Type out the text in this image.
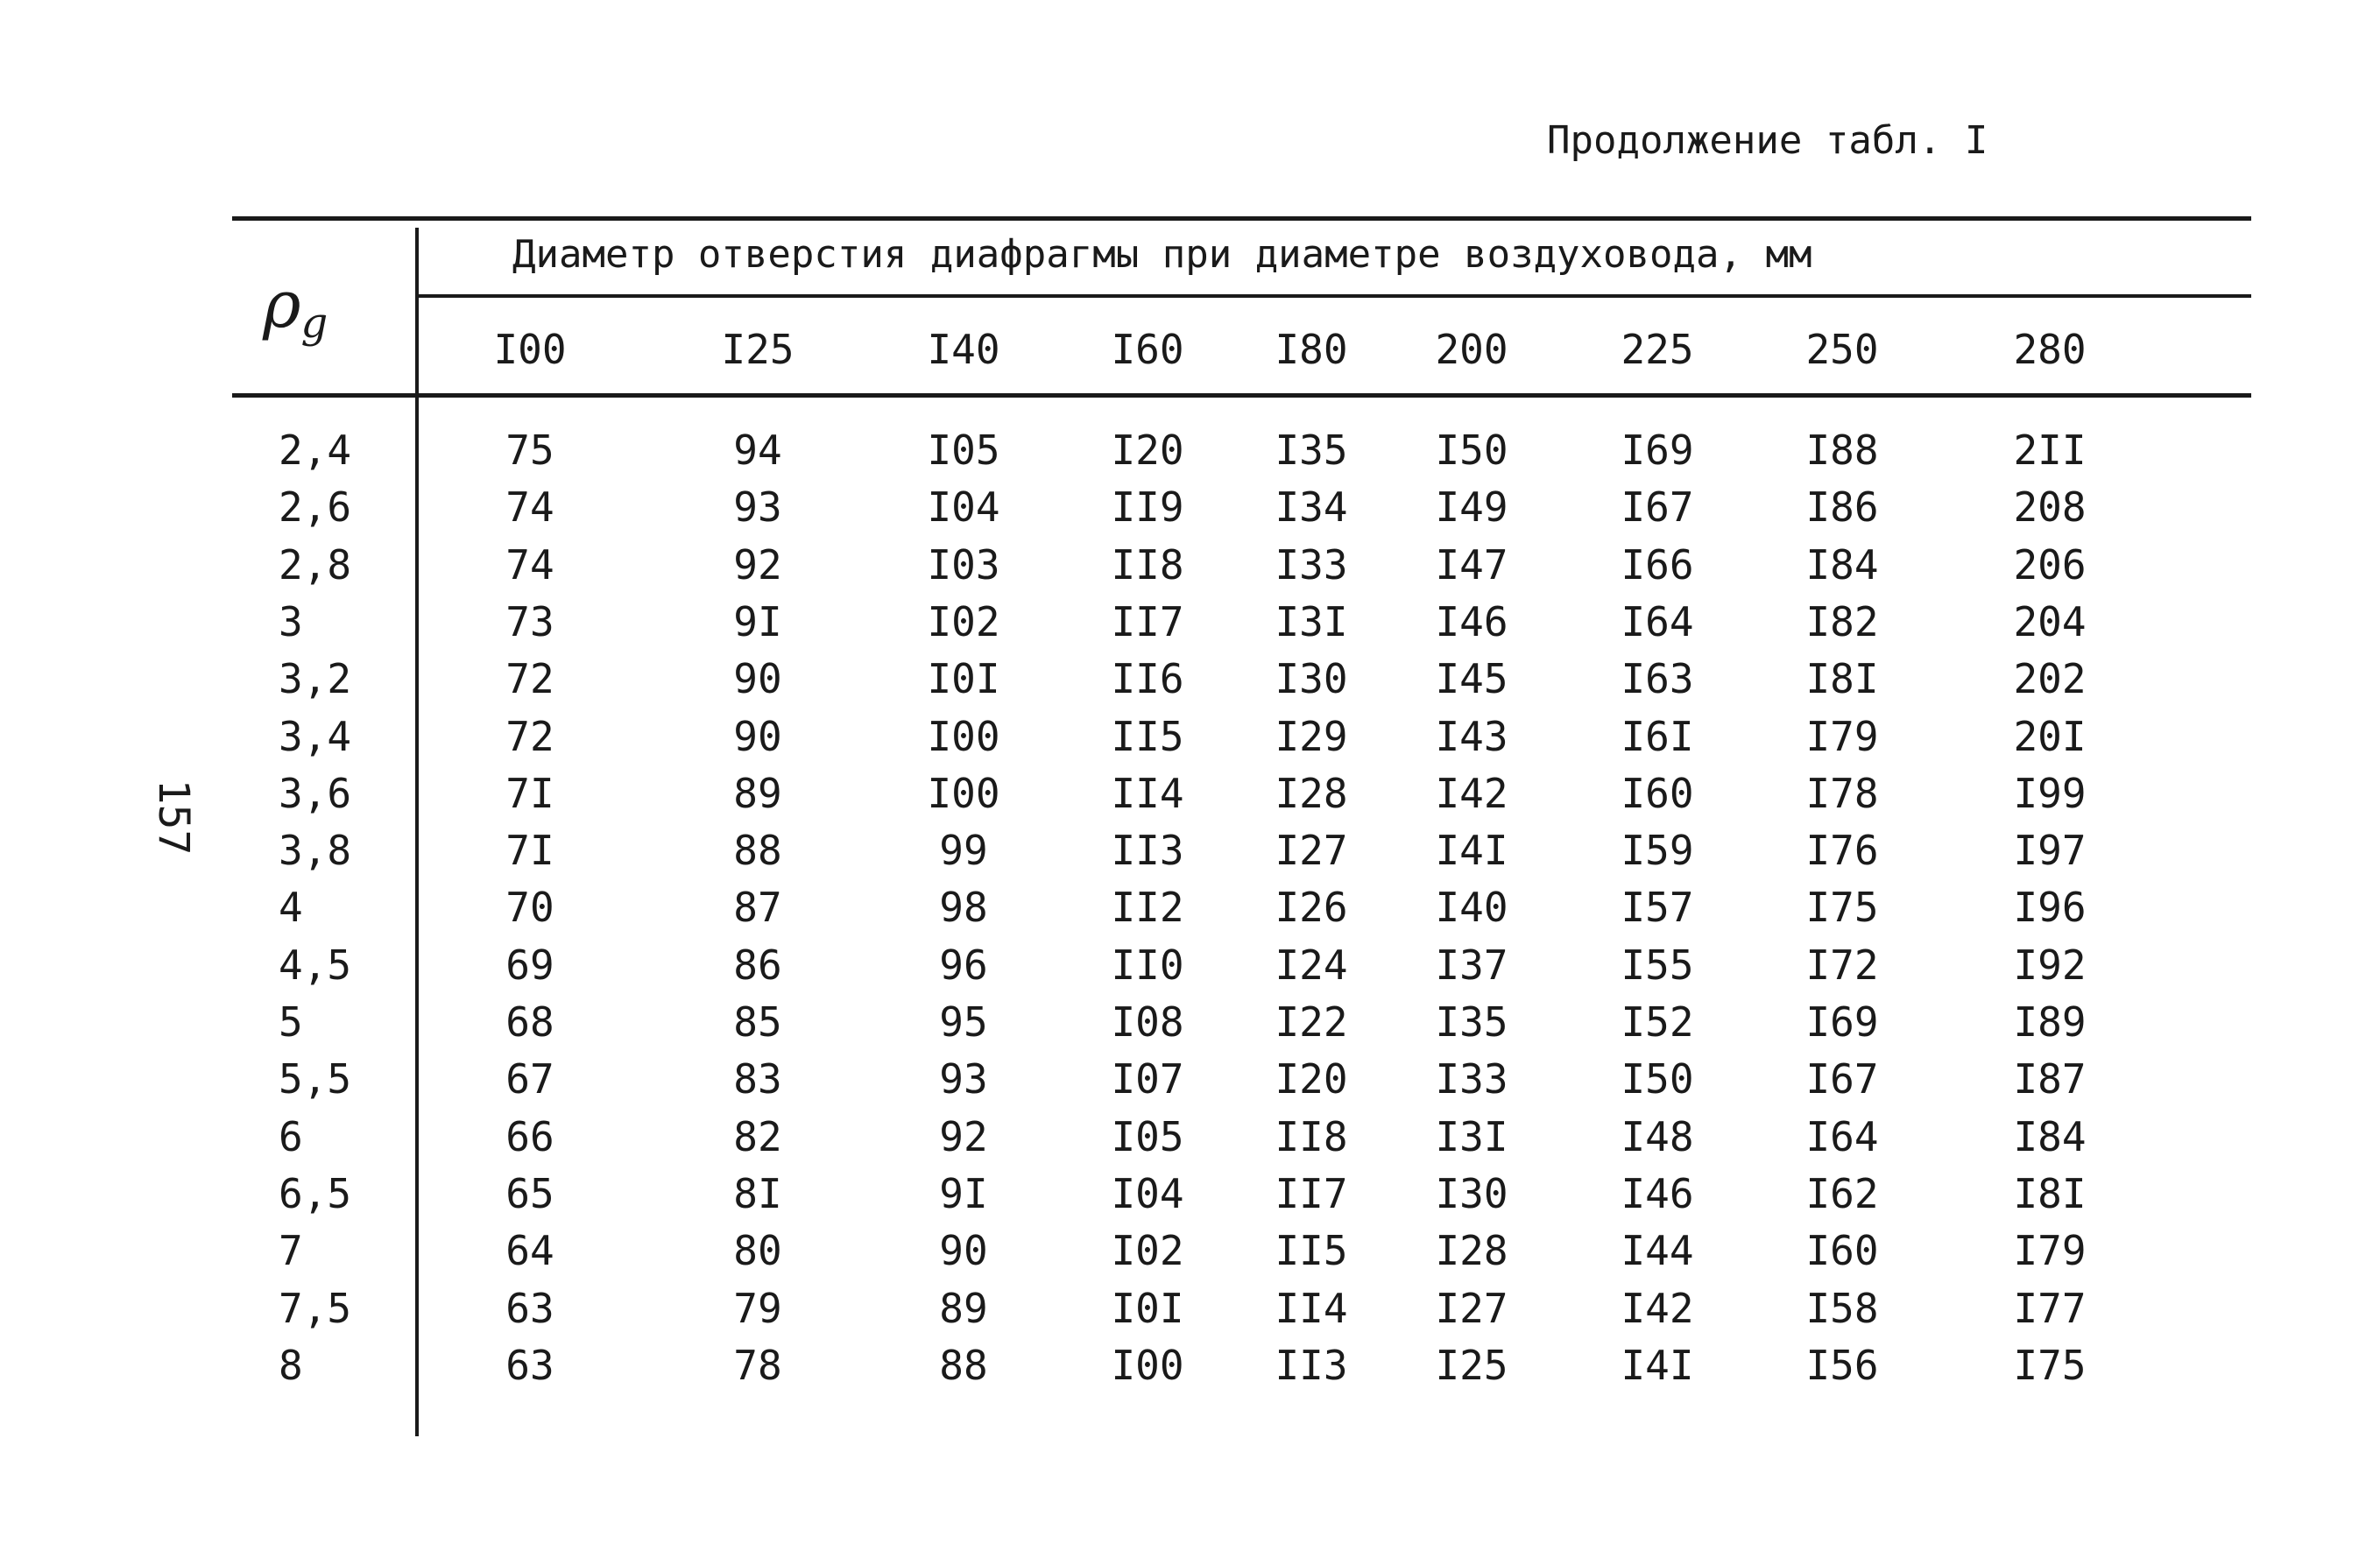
Продолжение табл. I
157
ρg
Диаметр отверстия диафрагмы при диаметре воздуховода, мм
I00	I25	I40	I60	I80	200	225	250	280
2,4	75	94	I05	I20	I35	I50	I69	I88	2II
2,6	74	93	I04	II9	I34	I49	I67	I86	208
2,8	74	92	I03	II8	I33	I47	I66	I84	206
3	73	9I	I02	II7	I3I	I46	I64	I82	204
3,2	72	90	I0I	II6	I30	I45	I63	I8I	202
3,4	72	90	I00	II5	I29	I43	I6I	I79	20I
3,6	7I	89	I00	II4	I28	I42	I60	I78	I99
3,8	7I	88	99	II3	I27	I4I	I59	I76	I97
4	70	87	98	II2	I26	I40	I57	I75	I96
4,5	69	86	96	II0	I24	I37	I55	I72	I92
5	68	85	95	I08	I22	I35	I52	I69	I89
5,5	67	83	93	I07	I20	I33	I50	I67	I87
6	66	82	92	I05	II8	I3I	I48	I64	I84
6,5	65	8I	9I	I04	II7	I30	I46	I62	I8I
7	64	80	90	I02	II5	I28	I44	I60	I79
7,5	63	79	89	I0I	II4	I27	I42	I58	I77
8	63	78	88	I00	II3	I25	I4I	I56	I75
